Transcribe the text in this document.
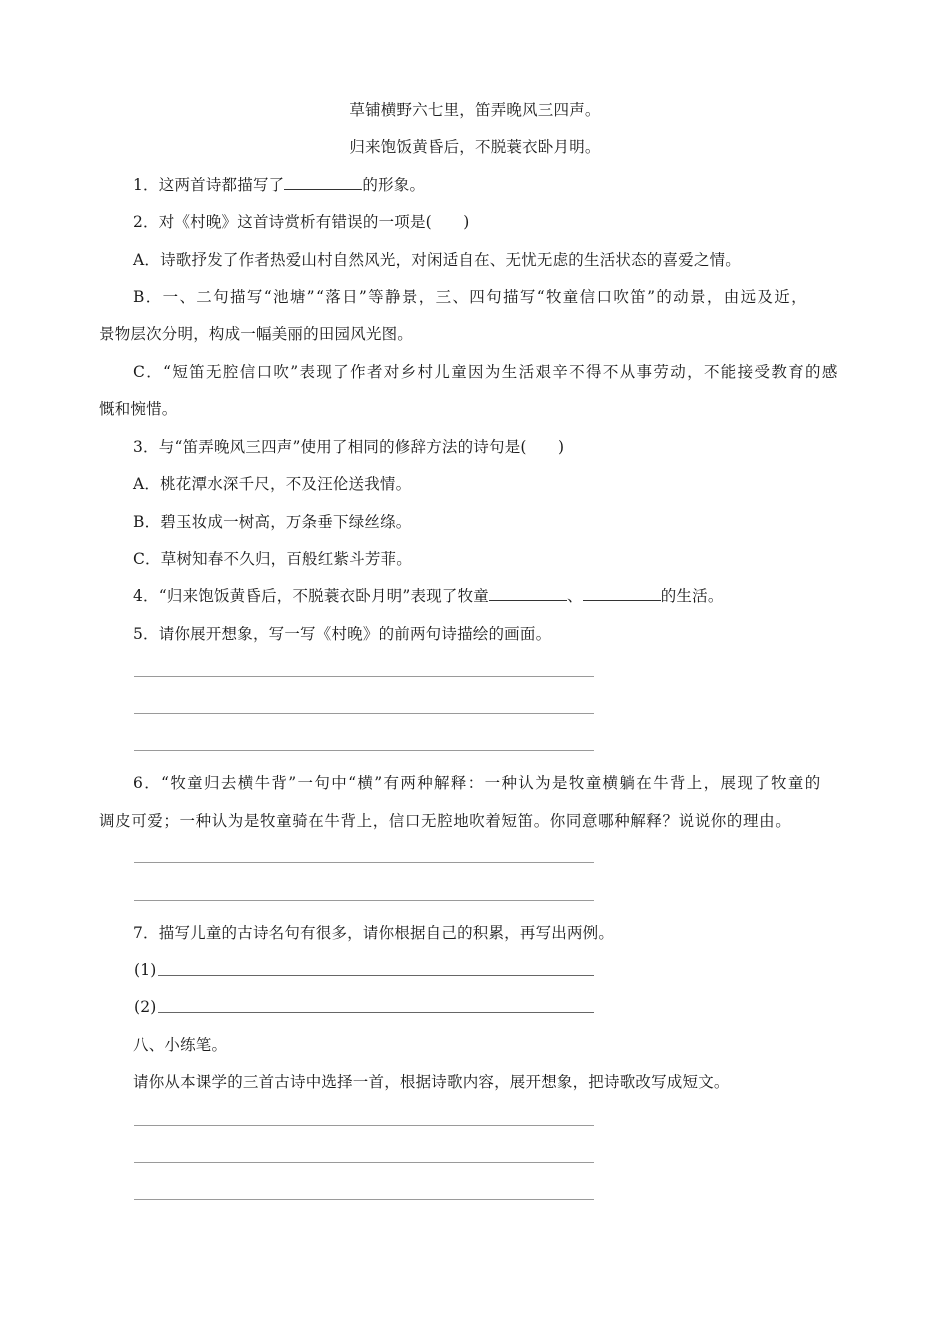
草铺横野六七里，笛弄晚风三四声。
归来饱饭黄昏后，不脱蓑衣卧月明。
1．这两首诗都描写了	的形象。
2．对《村晚》这首诗赏析有错误的一项是(　　)
A．诗歌抒发了作者热爱山村自然风光，对闲适自在、无忧无虑的生活状态的喜爱之情。
B．一、二句描写“池塘”“落日”等静景，三、四句描写“牧童信口吹笛”的动景，由远及近，
景物层次分明，构成一幅美丽的田园风光图。
C．“短笛无腔信口吹”表现了作者对乡村儿童因为生活艰辛不得不从事劳动，不能接受教育的感
慨和惋惜。
3．与“笛弄晚风三四声”使用了相同的修辞方法的诗句是(　　)
A．桃花潭水深千尺，不及汪伦送我情。
B．碧玉妆成一树高，万条垂下绿丝绦。
C．草树知春不久归，百般红紫斗芳菲。
4．“归来饱饭黄昏后，不脱蓑衣卧月明”表现了牧童	、	的生活。
5．请你展开想象，写一写《村晚》的前两句诗描绘的画面。
6．“牧童归去横牛背”一句中“横”有两种解释：一种认为是牧童横躺在牛背上，展现了牧童的
调皮可爱；一种认为是牧童骑在牛背上，信口无腔地吹着短笛。你同意哪种解释？说说你的理由。
7．描写儿童的古诗名句有很多，请你根据自己的积累，再写出两例。
(1)
(2)
八、小练笔。
请你从本课学的三首古诗中选择一首，根据诗歌内容，展开想象，把诗歌改写成短文。
